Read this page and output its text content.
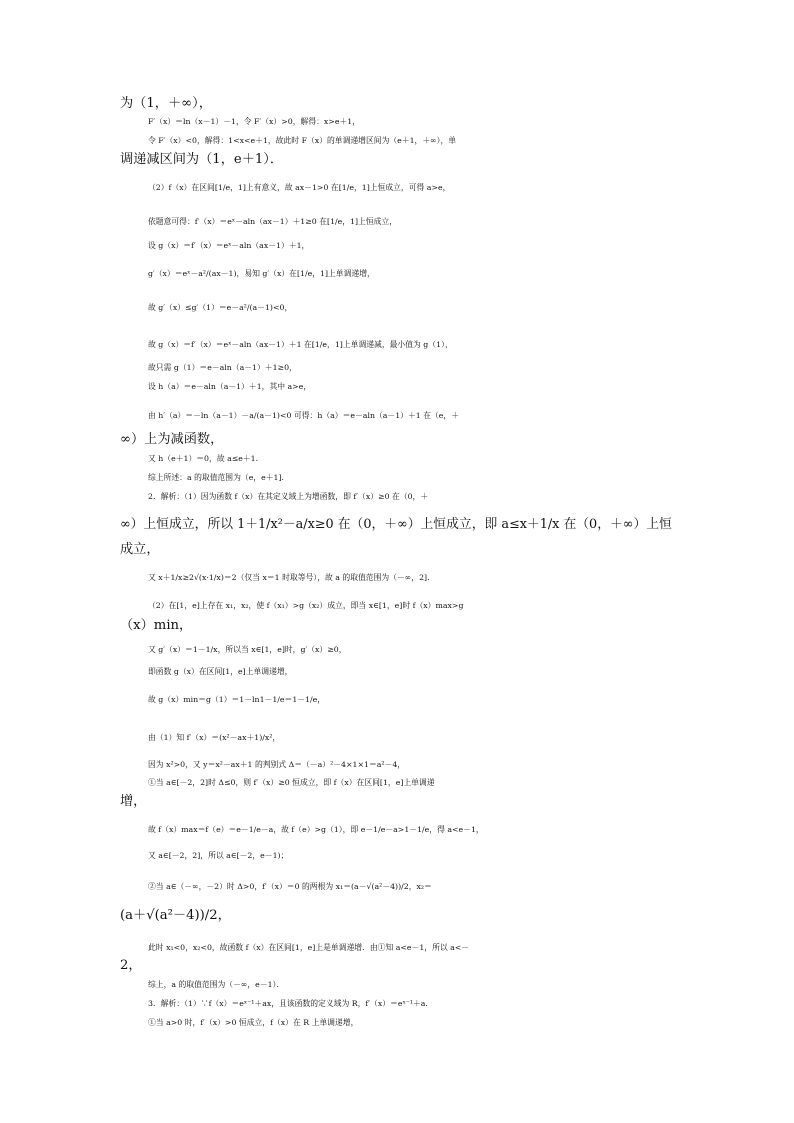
为（1，＋∞），
F′（x）＝ln（x－1）－1，令 F′（x）>0，解得：x>e＋1，
令 F′（x）<0，解得：1<x<e＋1，故此时 F（x）的单调递增区间为（e＋1，＋∞），单
调递减区间为（1，e＋1）．
（2）f（x）在区间[1/e，1]上有意义，故 ax－1>0 在[1/e，1]上恒成立，可得 a>e，
依题意可得：f′（x）＝eˣ－aln（ax－1）＋1≥0 在[1/e，1]上恒成立，
设 g（x）＝f′（x）＝eˣ－aln（ax－1）＋1，
g′（x）＝eˣ－a²/(ax－1)，易知 g′（x）在[1/e，1]上单调递增，
故 g′（x）≤g′（1）＝e－a²/(a－1)<0，
故 g（x）＝f′（x）＝eˣ－aln（ax－1）＋1 在[1/e，1]上单调递减，最小值为 g（1），
故只需 g（1）＝e－aln（a－1）＋1≥0，
设 h（a）＝e－aln（a－1）＋1，其中 a>e，
由 h′（a）＝－ln（a－1）－a/(a－1)<0 可得：h（a）＝e－aln（a－1）＋1 在（e，＋
∞）上为减函数，
又 h（e＋1）＝0，故 a≤e＋1．
综上所述：a 的取值范围为（e，e＋1]．
2．解析：（1）因为函数 f（x）在其定义域上为增函数，即 f′（x）≥0 在（0，＋
∞）上恒成立，所以 1＋1/x²－a/x≥0 在（0，＋∞）上恒成立，即 a≤x＋1/x 在（0，＋∞）上恒
成立，
又 x＋1/x≥2√(x·1/x)＝2（仅当 x＝1 时取等号），故 a 的取值范围为（－∞，2]．
（2）在[1，e]上存在 x₁，x₂，使 f（x₁）>g（x₂）成立，即当 x∈[1，e]时 f（x）max>g
（x）min，
又 g′（x）＝1－1/x，所以当 x∈[1，e]时，g′（x）≥0，
即函数 g（x）在区间[1，e]上单调递增，
故 g（x）min＝g（1）＝1－ln1－1/e＝1－1/e，
由（1）知 f′（x）＝(x²－ax＋1)/x²，
因为 x²>0，又 y＝x²－ax＋1 的判别式 Δ＝（－a）²－4×1×1＝a²－4，
①当 a∈[－2，2]时 Δ≤0，则 f′（x）≥0 恒成立，即 f（x）在区间[1，e]上单调递
增，
故 f（x）max＝f（e）＝e－1/e－a，故 f（e）>g（1），即 e－1/e－a>1－1/e，得 a<e－1，
又 a∈[－2，2]，所以 a∈[－2，e－1)；
②当 a∈（－∞，－2）时 Δ>0，f′（x）＝0 的两根为 x₁＝(a－√(a²－4))/2，x₂＝
(a＋√(a²－4))/2，
此时 x₁<0，x₂<0，故函数 f（x）在区间[1，e]上是单调递增．由①知 a<e－1，所以 a<－
2，
综上，a 的取值范围为（－∞，e－1）．
3．解析：（1）∵f（x）＝eˣ⁻¹＋ax，且该函数的定义域为 R，f′（x）＝eˣ⁻¹＋a．
①当 a>0 时，f′（x）>0 恒成立，f（x）在 R 上单调递增，
